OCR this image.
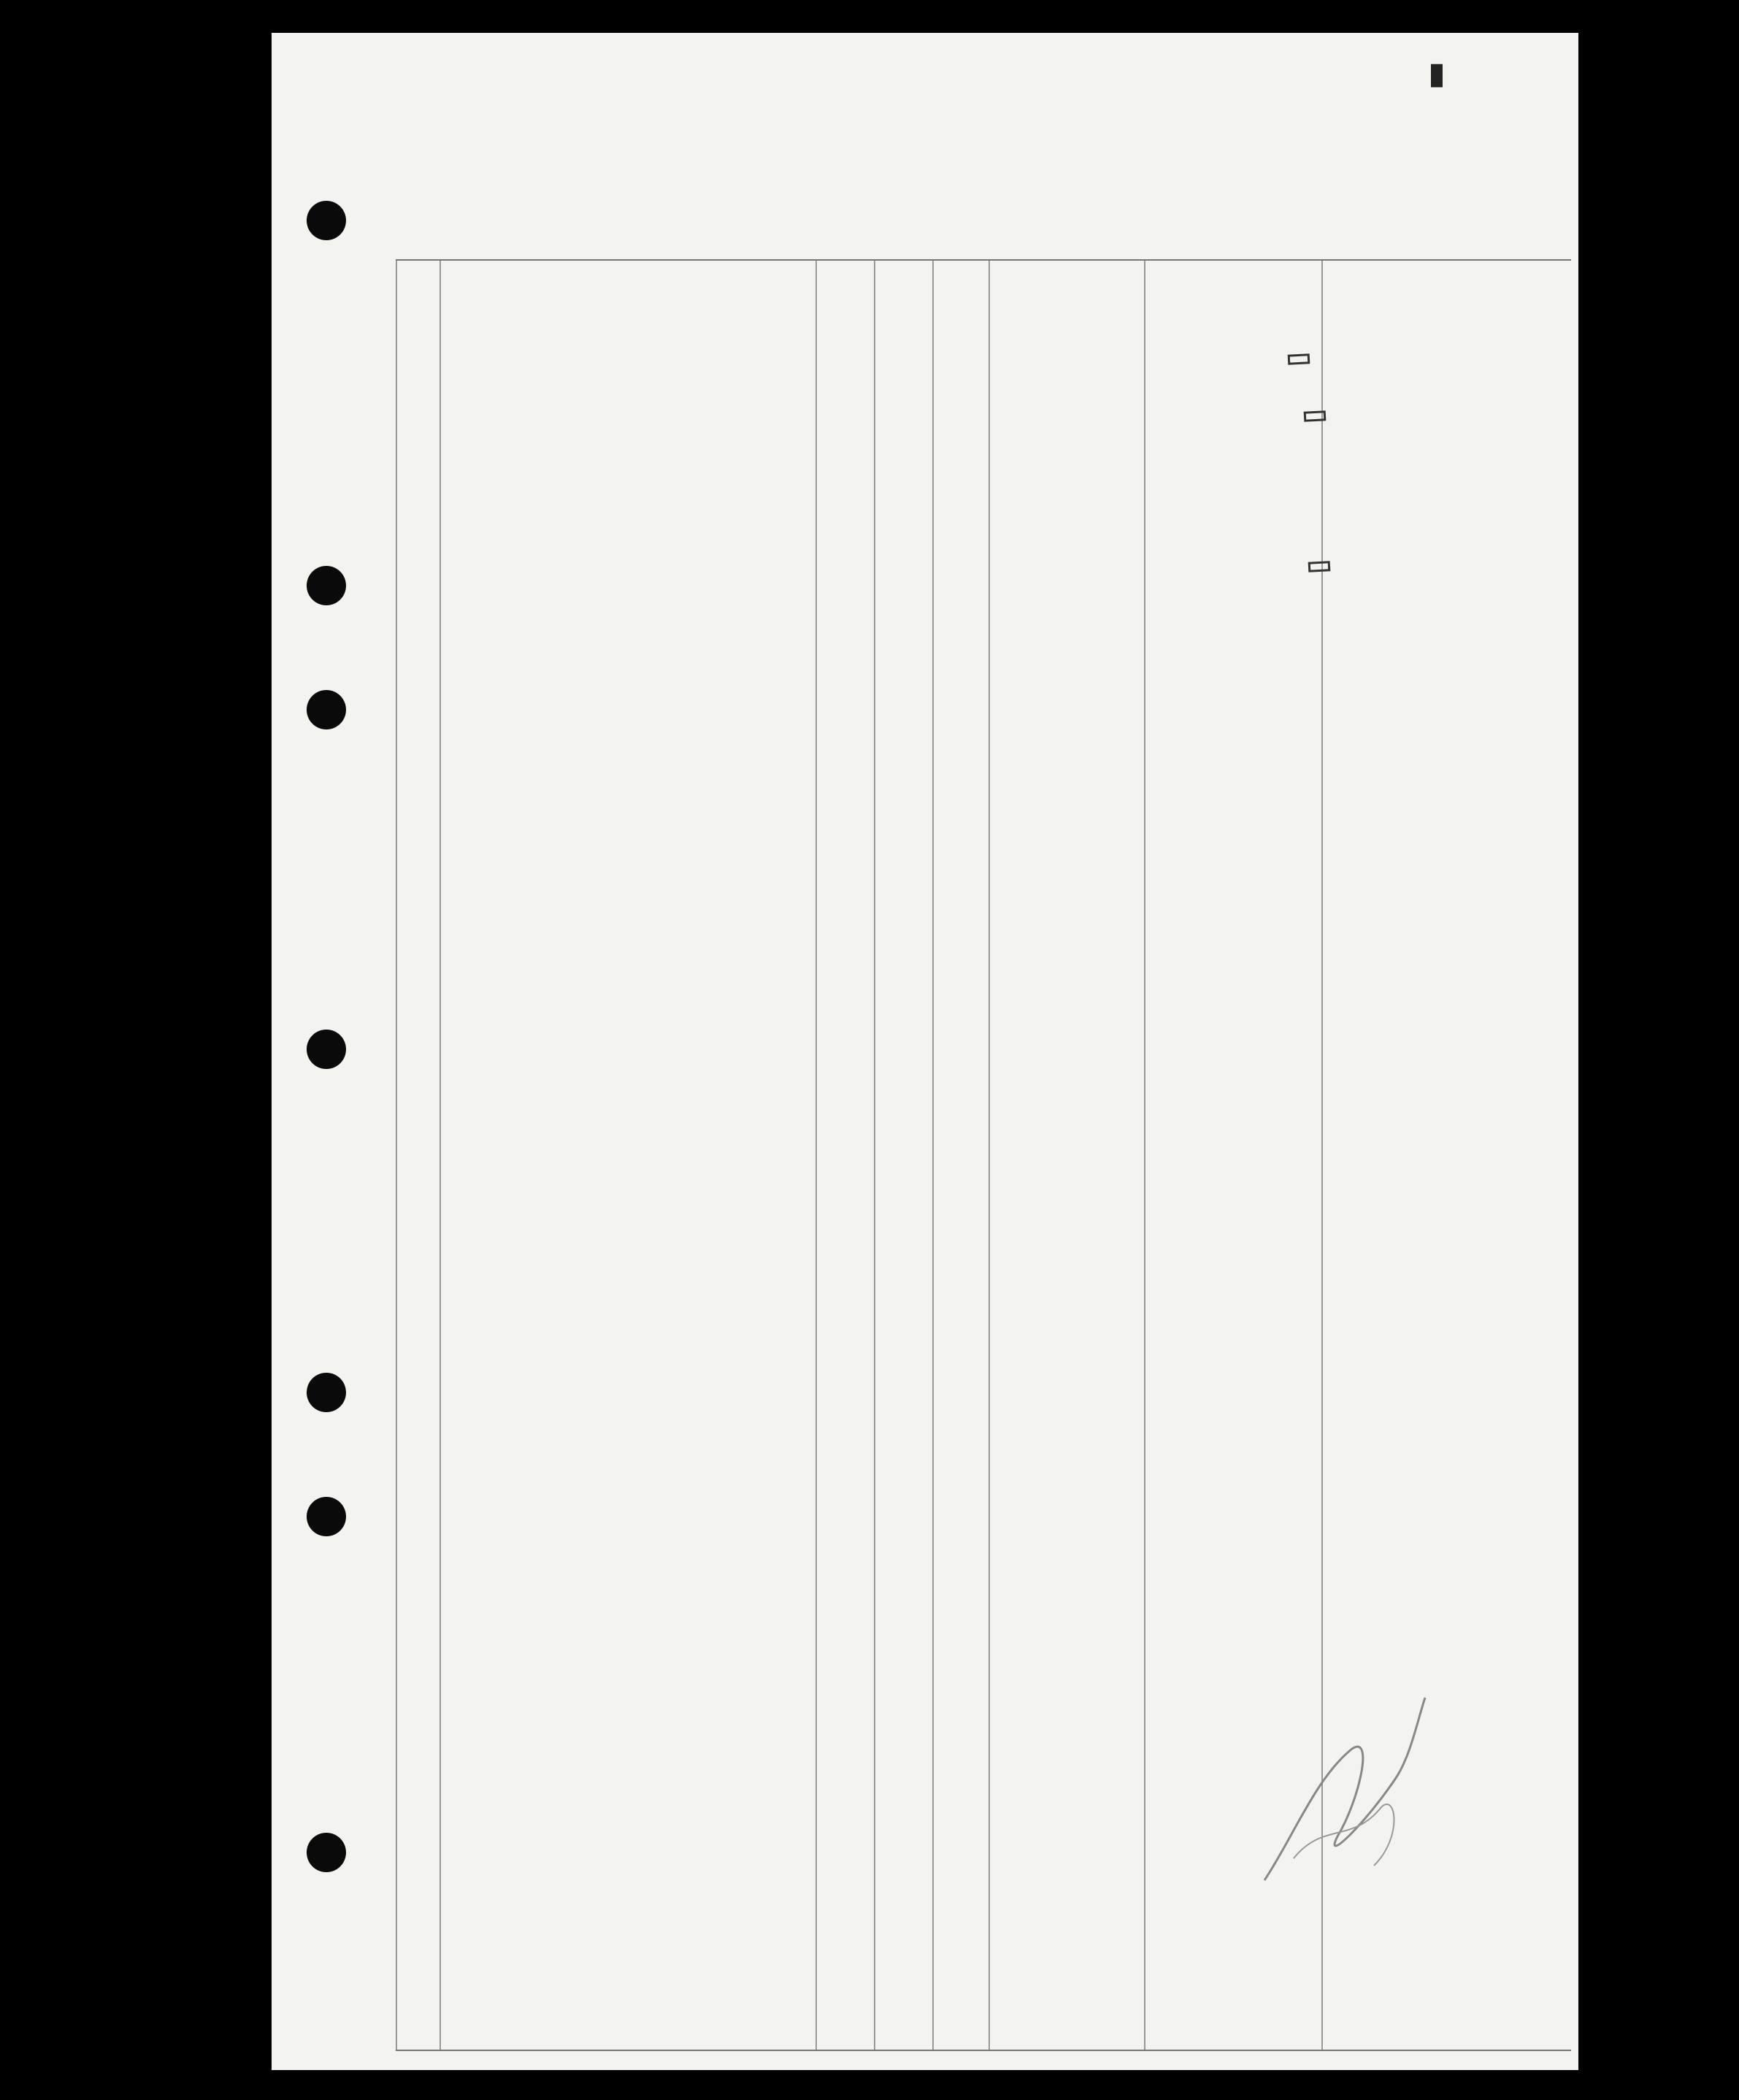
▮
